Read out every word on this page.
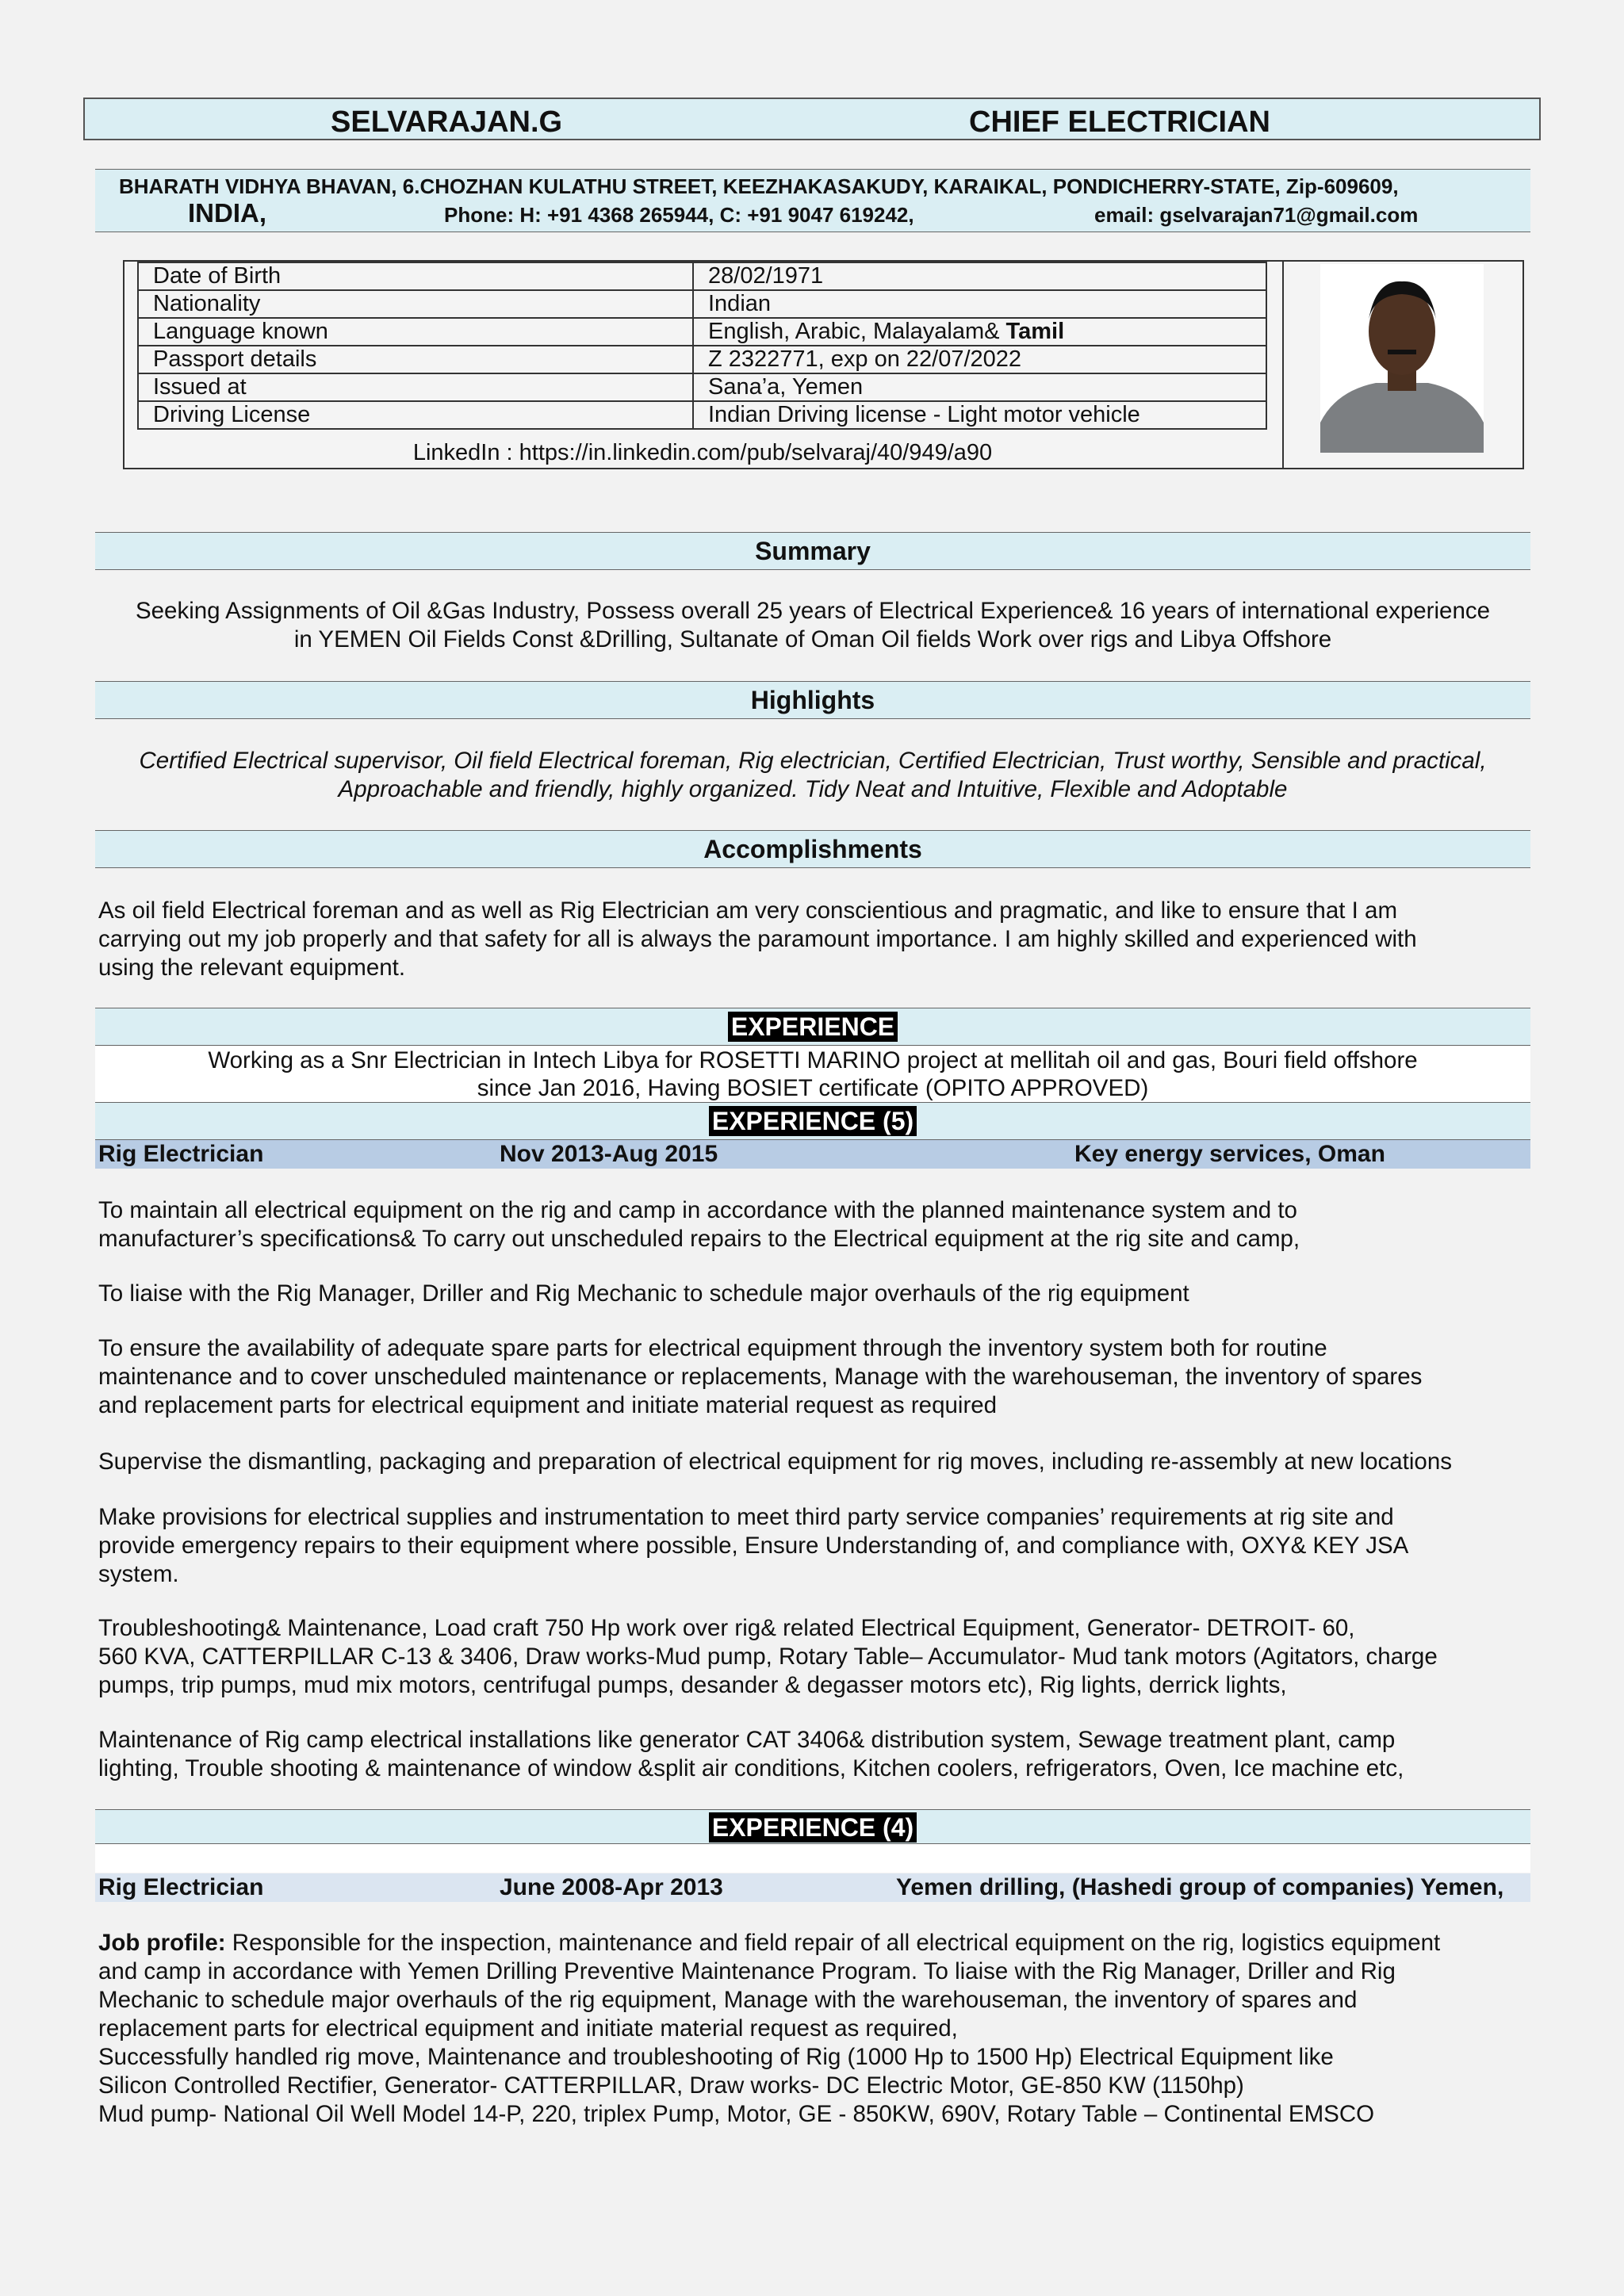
SELVARAJAN.G	CHIEF ELECTRICIAN
BHARATH VIDHYA BHAVAN, 6.CHOZHAN KULATHU STREET, KEEZHAKASAKUDY, KARAIKAL, PONDICHERRY-STATE, Zip-609609,
INDIA,	Phone: H: +91 4368 265944, C: +91 9047 619242,	email: gselvarajan71@gmail.com
Date of Birth	28/02/1971
Nationality	Indian
Language known	English, Arabic, Malayalam& Tamil
Passport details	Z 2322771, exp on 22/07/2022
Issued at	Sana’a, Yemen
Driving License	Indian Driving license - Light motor vehicle
LinkedIn : https://in.linkedin.com/pub/selvaraj/40/949/a90
Summary
Seeking Assignments of Oil &Gas Industry, Possess overall 25 years of Electrical Experience& 16 years of international experience
in YEMEN Oil Fields Const &Drilling, Sultanate of Oman Oil fields Work over rigs and Libya Offshore
Highlights
Certified Electrical supervisor, Oil field Electrical foreman, Rig electrician, Certified Electrician, Trust worthy, Sensible and practical,
Approachable and friendly, highly organized. Tidy Neat and Intuitive, Flexible and Adoptable
Accomplishments
As oil field Electrical foreman and as well as Rig Electrician am very conscientious and pragmatic, and like to ensure that I am
carrying out my job properly and that safety for all is always the paramount importance. I am highly skilled and experienced with
using the relevant equipment.
EXPERIENCE
Working as a Snr Electrician in Intech Libya for ROSETTI MARINO project at mellitah oil and gas, Bouri field offshore
since Jan 2016, Having BOSIET certificate (OPITO APPROVED)
EXPERIENCE (5)
Rig Electrician	Nov 2013-Aug 2015	Key energy services, Oman
To maintain all electrical equipment on the rig and camp in accordance with the planned maintenance system and to
manufacturer’s specifications& To carry out unscheduled repairs to the Electrical equipment at the rig site and camp,
To liaise with the Rig Manager, Driller and Rig Mechanic to schedule major overhauls of the rig equipment
To ensure the availability of adequate spare parts for electrical equipment through the inventory system both for routine
maintenance and to cover unscheduled maintenance or replacements, Manage with the warehouseman, the inventory of spares
and replacement parts for electrical equipment and initiate material request as required
Supervise the dismantling, packaging and preparation of electrical equipment for rig moves, including re-assembly at new locations
Make provisions for electrical supplies and instrumentation to meet third party service companies’ requirements at rig site and
provide emergency repairs to their equipment where possible, Ensure Understanding of, and compliance with, OXY& KEY JSA
system.
Troubleshooting& Maintenance, Load craft 750 Hp work over rig& related Electrical Equipment, Generator- DETROIT- 60,
560 KVA, CATTERPILLAR C-13 & 3406, Draw works-Mud pump, Rotary Table– Accumulator- Mud tank motors (Agitators, charge
pumps, trip pumps, mud mix motors, centrifugal pumps, desander & degasser motors etc), Rig lights, derrick lights,
Maintenance of Rig camp electrical installations like generator CAT 3406& distribution system, Sewage treatment plant, camp
lighting, Trouble shooting & maintenance of window &split air conditions, Kitchen coolers, refrigerators, Oven, Ice machine etc,
EXPERIENCE (4)
Rig Electrician	June 2008-Apr 2013	Yemen drilling, (Hashedi group of companies) Yemen,
Job profile: Responsible for the inspection, maintenance and field repair of all electrical equipment on the rig, logistics equipment
and camp in accordance with Yemen Drilling Preventive Maintenance Program. To liaise with the Rig Manager, Driller and Rig
Mechanic to schedule major overhauls of the rig equipment, Manage with the warehouseman, the inventory of spares and
replacement parts for electrical equipment and initiate material request as required,
Successfully handled rig move, Maintenance and troubleshooting of Rig (1000 Hp to 1500 Hp) Electrical Equipment like
Silicon Controlled Rectifier, Generator- CATTERPILLAR, Draw works- DC Electric Motor, GE-850 KW (1150hp)
Mud pump- National Oil Well Model 14-P, 220, triplex Pump, Motor, GE - 850KW, 690V, Rotary Table – Continental EMSCO
